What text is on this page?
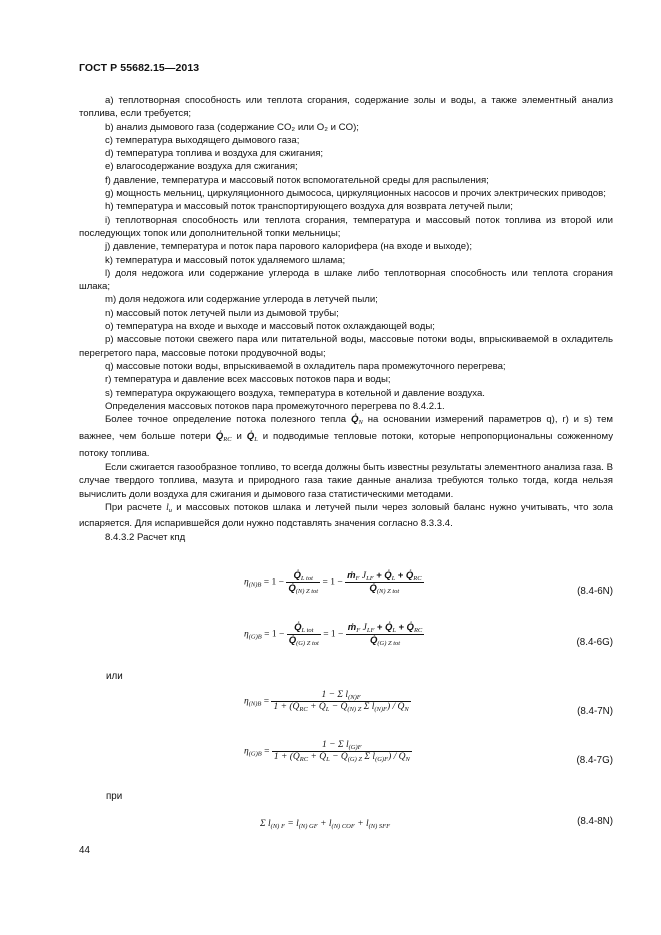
ГОСТ Р 55682.15—2013

a) теплотворная способность или теплота сгорания, содержание золы и воды, а также элементный анализ топлива, если требуется;

b) анализ дымового газа (содержание CO₂ или O₂ и CO);

c) температура выходящего дымового газа;

d) температура топлива и воздуха для сжигания;

e) влагосодержание воздуха для сжигания;

f) давление, температура и массовый поток вспомогательной среды для распыления;

g) мощность мельниц, циркуляционного дымососа, циркуляционных насосов и прочих электрических приводов;

h) температура и массовый поток транспортирующего воздуха для возврата летучей пыли;

i) теплотворная способность или теплота сгорания, температура и массовый поток топлива из второй или последующих топок или дополнительной топки мельницы;

j) давление, температура и поток пара парового калорифера (на входе и выходе);

k) температура и массовый поток удаляемого шлама;

l) доля недожога или содержание углерода в шлаке либо теплотворная способность или теплота сгорания шлака;

m) доля недожога или содержание углерода в летучей пыли;

n) массовый поток летучей пыли из дымовой трубы;

o) температура на входе и выходе и массовый поток охлаждающей воды;

p) массовые потоки свежего пара или питательной воды, массовые потоки воды, впрыскиваемой в охладитель перегретого пара, массовые потоки продувочной воды;

q) массовые потоки воды, впрыскиваемой в охладитель пара промежуточного перегрева;

r) температура и давление всех массовых потоков пара и воды;

s) температура окружающего воздуха, температура в котельной и давление воздуха.

Определения массовых потоков пара промежуточного перегрева по 8.4.2.1.

Более точное определение потока полезного тепла $Q̇_N$ на основании измерений параметров q), r) и s) тем важнее, чем больше потери $Q̇_{RC}$ и $Q̇_L$ и подводимые тепловые потоки, которые непропорциональны сожженному потоку топлива.

Если сжигается газообразное топливо, то всегда должны быть известны результаты элементного анализа газа. В случае твердого топлива, мазута и природного газа такие данные анализа требуются только тогда, когда нельзя вычислить доли воздуха для сжигания и дымового газа статистическими методами.

При расчете $l_u$ и массовых потоков шлака и летучей пыли через золовый баланс нужно учитывать, что зола испаряется. Для испарившейся доли нужно подставлять значения согласно 8.3.3.4.

8.4.3.2 Расчет кпд

$\eta_{(N)B} = 1 - \frac{Q̇_{L tot}}{Q̇_{(N) Z tot}} = 1 - \frac{ṁ_F J_{LF} + Q̇_L + Q̇_{RC}}{Q̇_{(N) Z tot}}$	(8.4-6N)
$\eta_{(G)B} = 1 - \frac{Q̇_{L tot}}{Q̇_{(G) Z tot}} = 1 - \frac{ṁ_F J_{LF} + Q̇_L + Q̇_{RC}}{Q̇_{(G) Z tot}}$	(8.4-6G)
или
$\eta_{(N)B} = \frac{1 - \Sigma l_{(N)F}}{1 + (Q̇_{RC} + Q̇_L - Q̇_{(N) Z} \Sigma l_{(N)F}) / Q̇_N}$	(8.4-7N)
$\eta_{(G)B} = \frac{1 - \Sigma l_{(G)F}}{1 + (Q̇_{RC} + Q̇_L - Q̇_{(G) Z} \Sigma l_{(G)F}) / Q̇_N}$	(8.4-7G)
при
Σ $l_{(N) F} = l_{(N) GF} + l_{(N) COF} + l_{(N) SFF}$	(8.4-8N)
44
